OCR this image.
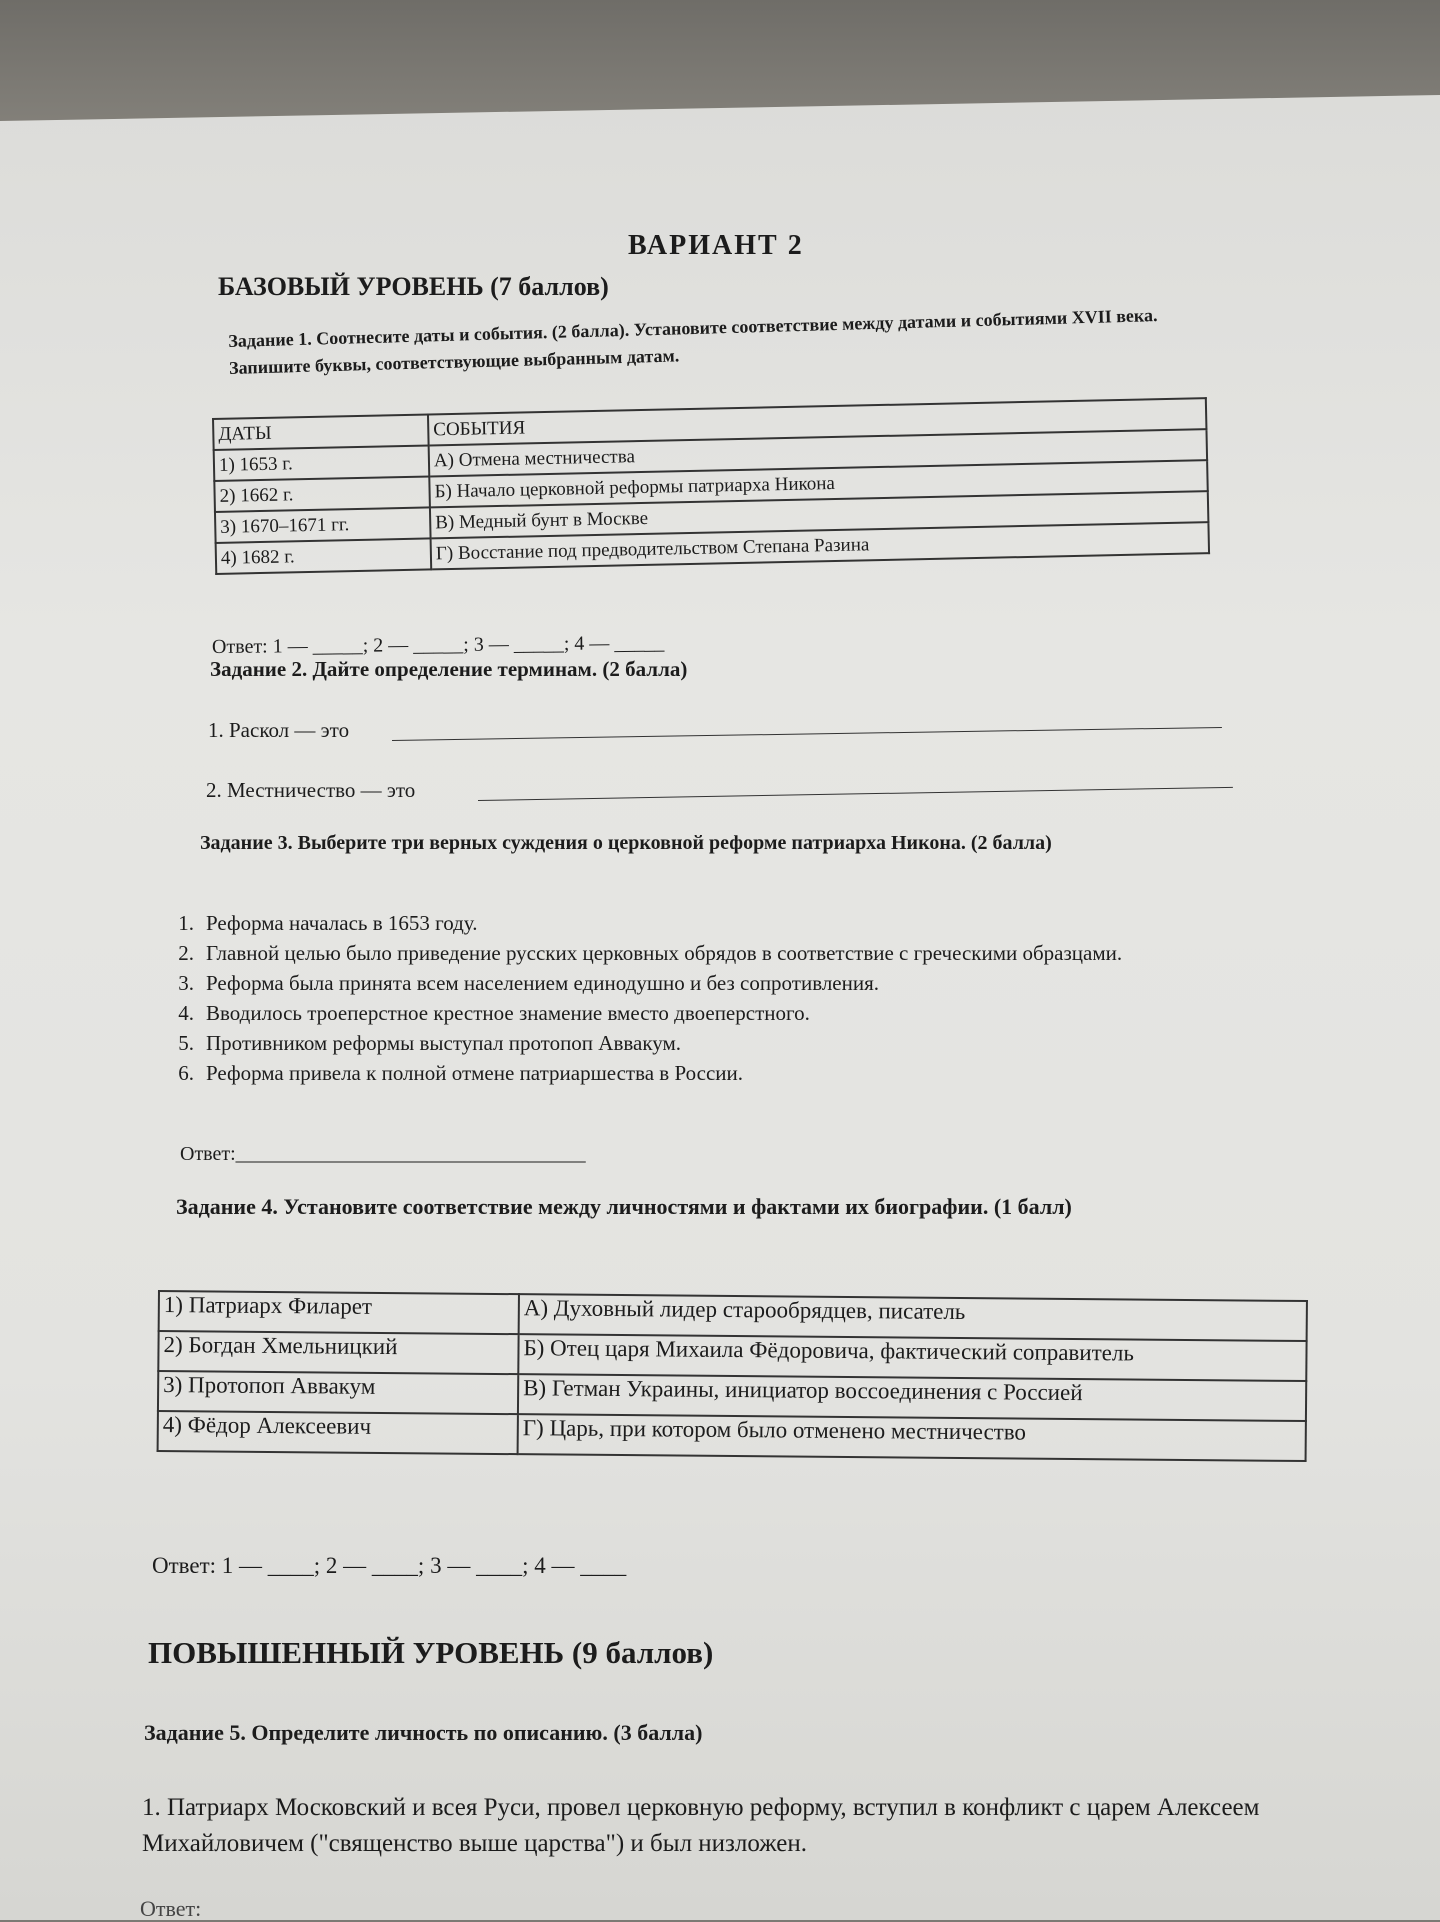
ВАРИАНТ 2
БАЗОВЫЙ УРОВЕНЬ (7 баллов)
Задание 1. Соотнесите даты и события. (2 балла). Установите соответствие между датами и событиями XVII века. Запишите буквы, соответствующие выбранным датам.
ДАТЫ	СОБЫТИЯ
1) 1653 г.	А) Отмена местничества
2) 1662 г.	Б) Начало церковной реформы патриарха Никона
3) 1670–1671 гг.	В) Медный бунт в Москве
4) 1682 г.	Г) Восстание под предводительством Степана Разина
Ответ: 1 — _____; 2 — _____; 3 — _____; 4 — _____
Задание 2. Дайте определение терминам. (2 балла)
1. Раскол — это
2. Местничество — это
Задание 3. Выберите три верных суждения о церковной реформе патриарха Никона. (2 балла)
1. Реформа началась в 1653 году.
2. Главной целью было приведение русских церковных обрядов в соответствие с греческими образцами.
3. Реформа была принята всем населением единодушно и без сопротивления.
4. Вводилось троеперстное крестное знамение вместо двоеперстного.
5. Противником реформы выступал протопоп Аввакум.
6. Реформа привела к полной отмене патриаршества в России.
Ответ:___________________________________
Задание 4. Установите соответствие между личностями и фактами их биографии. (1 балл)
1) Патриарх Филарет	А) Духовный лидер старообрядцев, писатель
2) Богдан Хмельницкий	Б) Отец царя Михаила Фёдоровича, фактический соправитель
3) Протопоп Аввакум	В) Гетман Украины, инициатор воссоединения с Россией
4) Фёдор Алексеевич	Г) Царь, при котором было отменено местничество
Ответ: 1 — ____; 2 — ____; 3 — ____; 4 — ____
ПОВЫШЕННЫЙ УРОВЕНЬ (9 баллов)
Задание 5. Определите личность по описанию. (3 балла)
1. Патриарх Московский и всея Руси, провел церковную реформу, вступил в конфликт с царем Алексеем Михайловичем ("священство выше царства") и был низложен.
Ответ:
